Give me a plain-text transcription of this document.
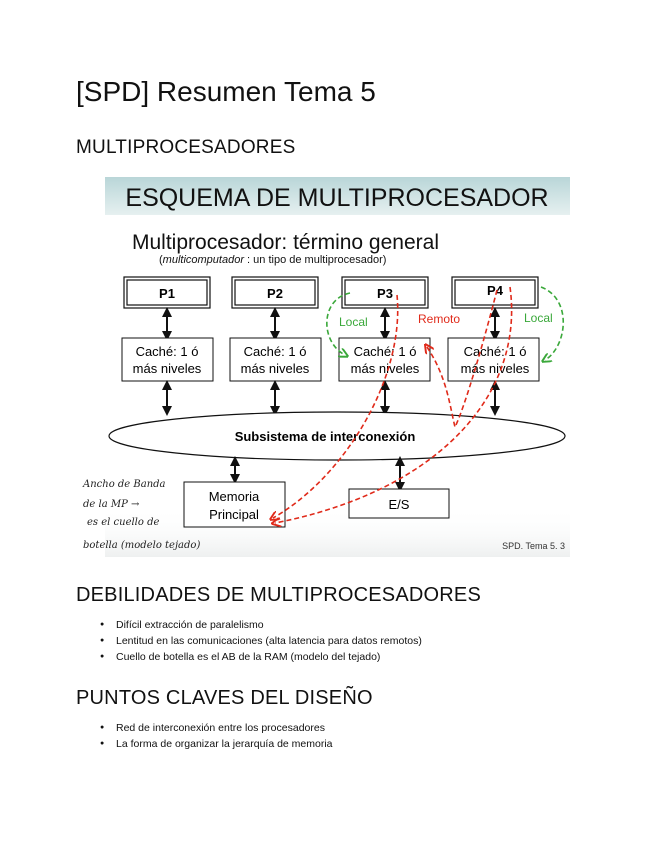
[SPD] Resumen Tema 5
MULTIPROCESADORES
ESQUEMA DE MULTIPROCESADOR
Multiprocesador: término general
(multicomputador : un tipo de multiprocesador)
P1	P2	P3	P4
Caché: 1 ó
más niveles
Caché: 1 ó
más niveles
Caché: 1 ó
más niveles
Caché: 1 ó
más niveles
Subsistema de interconexión
Memoria
Principal
E/S
Local	Local
Remoto
Ancho de Banda
de la MP →
es el cuello de
botella (modelo tejado)	SPD. Tema 5. 3
DEBILIDADES DE MULTIPROCESADORES
● Difícil extracción de paralelismo
● Lentitud en las comunicaciones (alta latencia para datos remotos)
● Cuello de botella es el AB de la RAM (modelo del tejado)
PUNTOS CLAVES DEL DISEÑO
● Red de interconexión entre los procesadores
● La forma de organizar la jerarquía de memoria
